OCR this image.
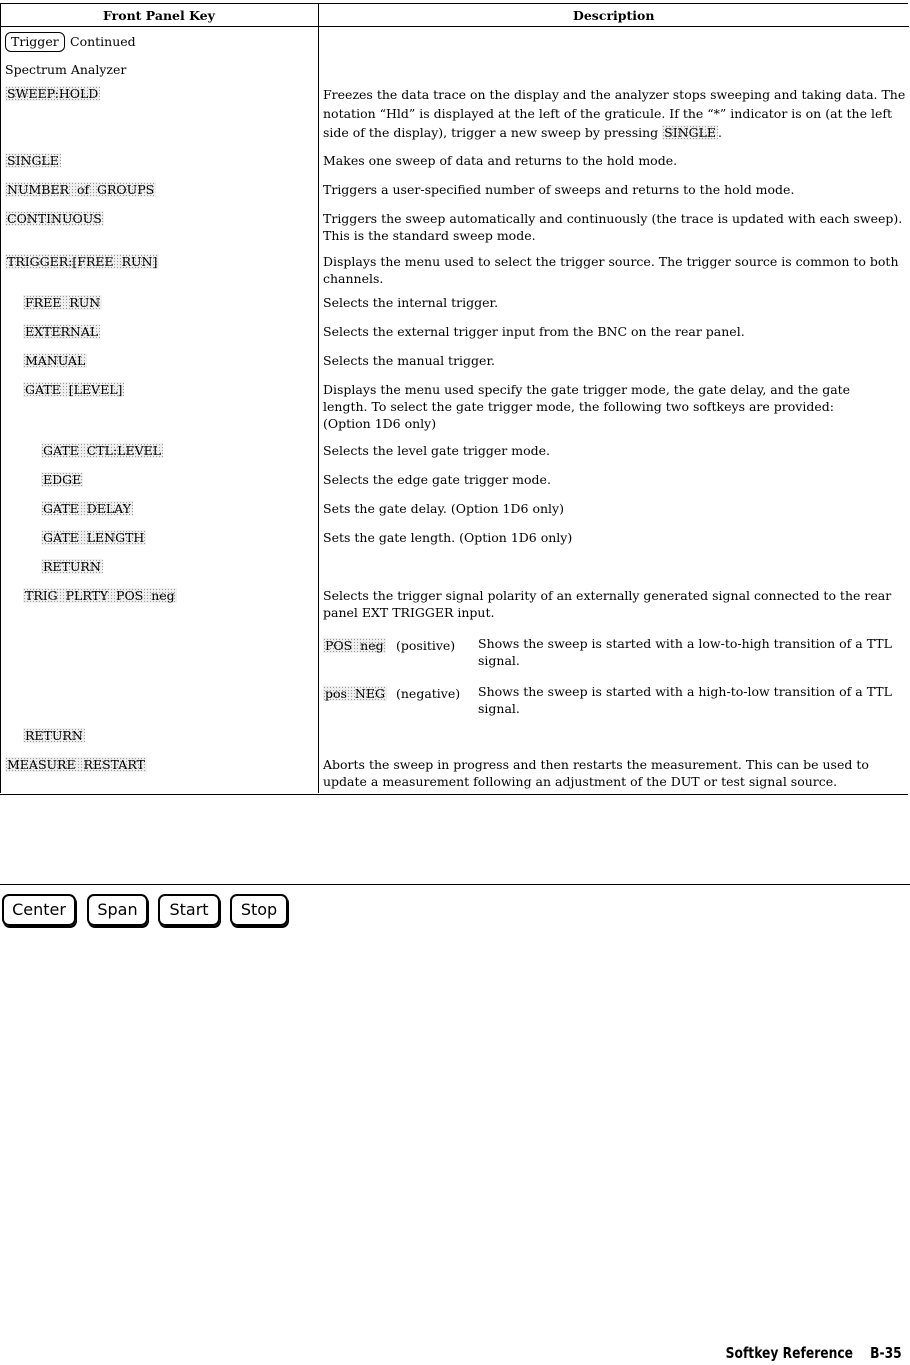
Front Panel Key	Description
Trigger Continued
Spectrum Analyzer
SWEEP:HOLD	Freezes the data trace on the display and the analyzer stops sweeping and taking data. The notation “Hld” is displayed at the left of the graticule. If the “*” indicator is on (at the left side of the display), trigger a new sweep by pressing SINGLE .
SINGLE	Makes one sweep of data and returns to the hold mode.
NUMBER  of  GROUPS	Triggers a user-specified number of sweeps and returns to the hold mode.
CONTINUOUS	Triggers the sweep automatically and continuously (the trace is updated with each sweep). This is the standard sweep mode.
TRIGGER:[FREE  RUN]	Displays the menu used to select the trigger source. The trigger source is common to both channels.
FREE  RUN	Selects the internal trigger.
EXTERNAL	Selects the external trigger input from the BNC on the rear panel.
MANUAL	Selects the manual trigger.
GATE  [LEVEL]	Displays the menu used specify the gate trigger mode, the gate delay, and the gate length. To select the gate trigger mode, the following two softkeys are provided: (Option 1D6 only)
GATE  CTL:LEVEL	Selects the level gate trigger mode.
EDGE	Selects the edge gate trigger mode.
GATE  DELAY	Sets the gate delay. (Option 1D6 only)
GATE  LENGTH	Sets the gate length. (Option 1D6 only)
RETURN
TRIG  PLRTY  POS  neg	Selects the trigger signal polarity of an externally generated signal connected to the rear panel EXT TRIGGER input.
POS  neg (positive) Shows the sweep is started with a low-to-high transition of a TTL signal.
pos  NEG (negative) Shows the sweep is started with a high-to-low transition of a TTL signal.
RETURN
MEASURE  RESTART	Aborts the sweep in progress and then restarts the measurement. This can be used to update a measurement following an adjustment of the DUT or test signal source.
Center	Span	Start	Stop
Softkey Reference    B-35
